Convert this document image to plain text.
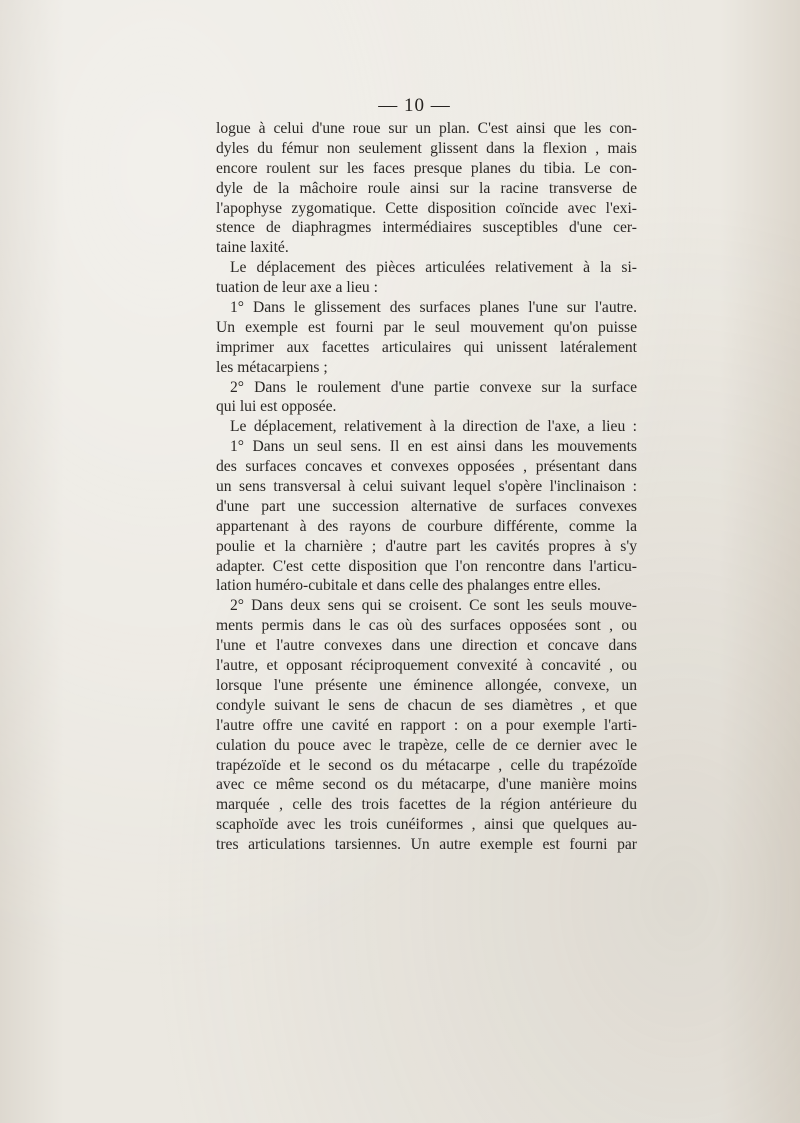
— 10 —
logue à celui d'une roue sur un plan. C'est ainsi que les con-
dyles du fémur non seulement glissent dans la flexion , mais
encore roulent sur les faces presque planes du tibia. Le con-
dyle de la mâchoire roule ainsi sur la racine transverse de
l'apophyse zygomatique. Cette disposition coïncide avec l'exi-
stence de diaphragmes intermédiaires susceptibles d'une cer-
taine laxité.
Le déplacement des pièces articulées relativement à la si-
tuation de leur axe a lieu :
1° Dans le glissement des surfaces planes l'une sur l'autre.
Un exemple est fourni par le seul mouvement qu'on puisse
imprimer aux facettes articulaires qui unissent latéralement
les métacarpiens ;
2° Dans le roulement d'une partie convexe sur la surface
qui lui est opposée.
Le déplacement, relativement à la direction de l'axe, a lieu :
1° Dans un seul sens. Il en est ainsi dans les mouvements
des surfaces concaves et convexes opposées , présentant dans
un sens transversal à celui suivant lequel s'opère l'inclinaison :
d'une part une succession alternative de surfaces convexes
appartenant à des rayons de courbure différente, comme la
poulie et la charnière ; d'autre part les cavités propres à s'y
adapter. C'est cette disposition que l'on rencontre dans l'articu-
lation huméro-cubitale et dans celle des phalanges entre elles.
2° Dans deux sens qui se croisent. Ce sont les seuls mouve-
ments permis dans le cas où des surfaces opposées sont , ou
l'une et l'autre convexes dans une direction et concave dans
l'autre, et opposant réciproquement convexité à concavité , ou
lorsque l'une présente une éminence allongée, convexe, un
condyle suivant le sens de chacun de ses diamètres , et que
l'autre offre une cavité en rapport : on a pour exemple l'arti-
culation du pouce avec le trapèze, celle de ce dernier avec le
trapézoïde et le second os du métacarpe , celle du trapézoïde
avec ce même second os du métacarpe, d'une manière moins
marquée , celle des trois facettes de la région antérieure du
scaphoïde avec les trois cunéiformes , ainsi que quelques au-
tres articulations tarsiennes. Un autre exemple est fourni par
